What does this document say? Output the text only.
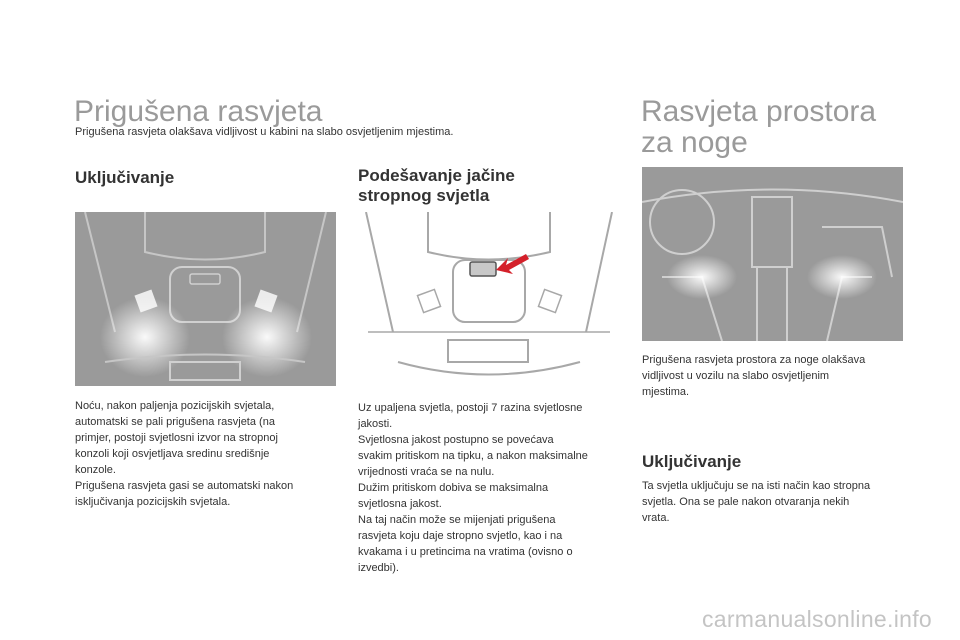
Prigušena rasvjeta
Prigušena rasvjeta olakšava vidljivost u kabini na slabo osvjetljenim mjestima.
Uključivanje
Noću, nakon paljenja pozicijskih svjetala,
automatski se pali prigušena rasvjeta (na
primjer, postoji svjetlosni izvor na stropnoj
konzoli koji osvjetljava sredinu središnje
konzole.
Prigušena rasvjeta gasi se automatski nakon
isključivanja pozicijskih svjetala.
Podešavanje jačine
stropnog svjetla
Uz upaljena svjetla, postoji 7 razina svjetlosne
jakosti.
Svjetlosna jakost postupno se povećava
svakim pritiskom na tipku, a nakon maksimalne
vrijednosti vraća se na nulu.
Dužim pritiskom dobiva se maksimalna
svjetlosna jakost.
Na taj način može se mijenjati prigušena
rasvjeta koju daje stropno svjetlo, kao i na
kvakama i u pretincima na vratima (ovisno o
izvedbi).
Rasvjeta prostora
za noge
Prigušena rasvjeta prostora za noge olakšava
vidljivost u vozilu na slabo osvjetljenim
mjestima.
Uključivanje
Ta svjetla uključuju se na isti način kao stropna
svjetla. Ona se pale nakon otvaranja nekih
vrata.
carmanualsonline.info
